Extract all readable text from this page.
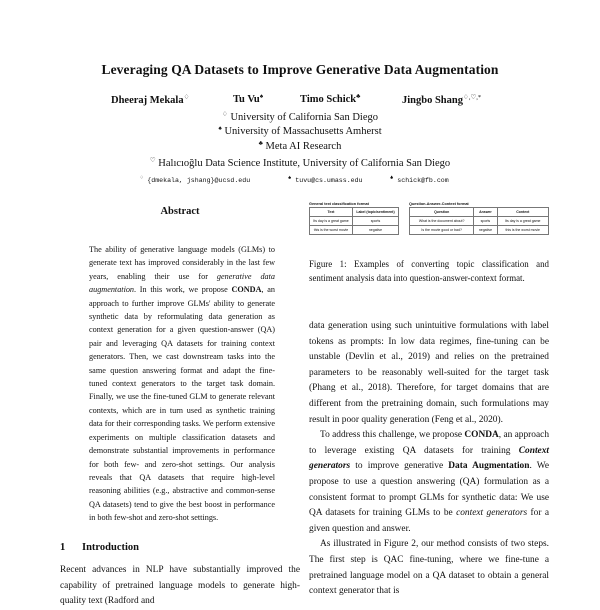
Leveraging QA Datasets to Improve Generative Data Augmentation
Dheeraj Mekala♢	Tu Vu♠	Timo Schick♣	Jingbo Shang♢,♡,*
♢ University of California San Diego
♠ University of Massachusetts Amherst
♣ Meta AI Research
♡ Halıcıoğlu Data Science Institute, University of California San Diego
♢ {dmekala, jshang}@ucsd.edu	♠ tuvu@cs.umass.edu	♣ schick@fb.com
Abstract
The ability of generative language models (GLMs) to generate text has improved considerably in the last few years, enabling their use for generative data augmentation. In this work, we propose CONDA, an approach to further improve GLMs' ability to generate synthetic data by reformulating data generation as context generation for a given question-answer (QA) pair and leveraging QA datasets for training context generators. Then, we cast downstream tasks into the same question answering format and adapt the fine-tuned context generators to the target task domain. Finally, we use the fine-tuned GLM to generate relevant contexts, which are in turn used as synthetic training data for their corresponding tasks. We perform extensive experiments on multiple classification datasets and demonstrate substantial improvements in performance for both few- and zero-shot settings. Our analysis reveals that QA datasets that require high-level reasoning abilities (e.g., abstractive and common-sense QA datasets) tend to give the best boost in performance in both few-shot and zero-shot settings.
1 Introduction
Recent advances in NLP have substantially improved the capability of pretrained language models to generate high-quality text (Radford and
General text classification format
Text	Label (topic/sentiment)
Its day is a great game	sports
this is the worst movie	negative
Question-Answer-Context format
Question	Answer	Context
What is the document about?	sports	Its day is a great game
Is the movie good or bad?	negative	this is the worst movie
Figure 1: Examples of converting topic classification and sentiment analysis data into question-answer-context format.

data generation using such unintuitive formulations with label tokens as prompts: In low data regimes, fine-tuning can be unstable (Devlin et al., 2019) and relies on the pretrained parameters to be reasonably well-suited for the target task (Phang et al., 2018). Therefore, for target domains that are different from the pretraining domain, such formulations may result in poor quality generation (Feng et al., 2020).

To address this challenge, we propose CONDA, an approach to leverage existing QA datasets for training Context generators to improve generative Data Augmentation. We propose to use a question answering (QA) formulation as a consistent format to prompt GLMs for synthetic data: We use QA datasets for training GLMs to be context generators for a given question and answer.

As illustrated in Figure 2, our method consists of two steps. The first step is QAC fine-tuning, where we fine-tune a pretrained language model on a QA dataset to obtain a general context generator that is
